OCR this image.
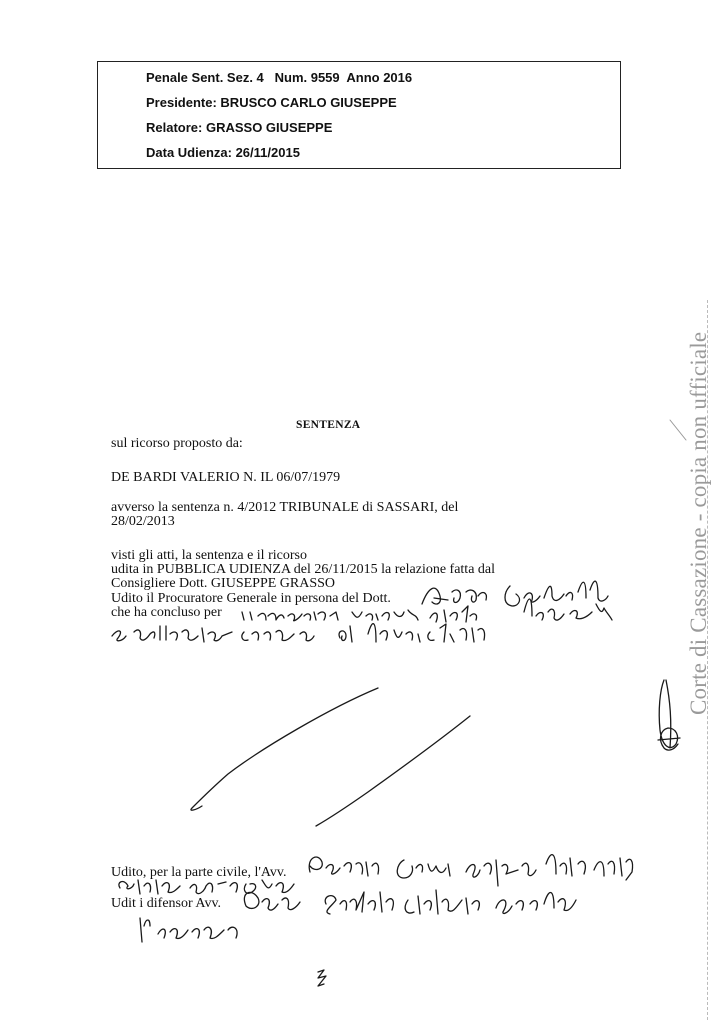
Penale Sent. Sez. 4   Num. 9559  Anno 2016
Presidente: BRUSCO CARLO GIUSEPPE
Relatore: GRASSO GIUSEPPE
Data Udienza: 26/11/2015
SENTENZA
sul ricorso proposto da:
DE BARDI VALERIO N. IL 06/07/1979
avverso la sentenza n. 4/2012 TRIBUNALE di SASSARI, del
28/02/2013
visti gli atti, la sentenza e il ricorso
udita in PUBBLICA UDIENZA del 26/11/2015 la relazione fatta dal
Consigliere Dott. GIUSEPPE GRASSO
Udito il Procuratore Generale in persona del Dott.
che ha concluso per
Udito, per la parte civile, l'Avv.
Udit i difensor Avv.
Corte di Cassazione - copia non ufficiale
